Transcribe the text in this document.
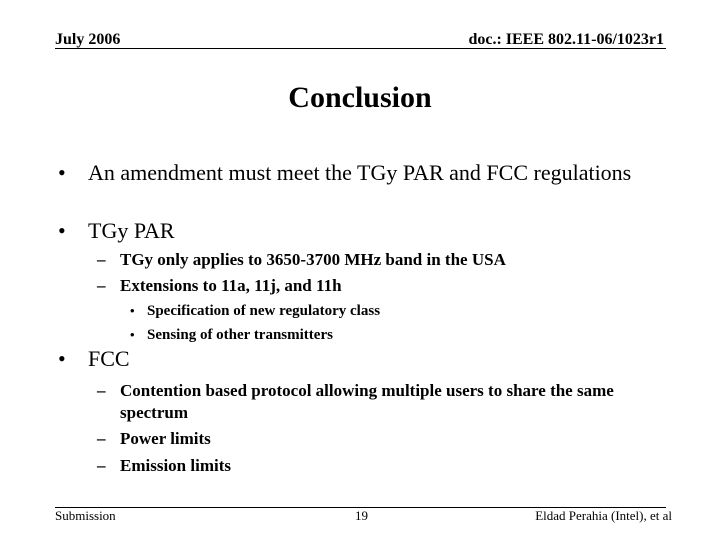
July 2006	doc.: IEEE 802.11-06/1023r1
Conclusion
• An amendment must meet the TGy PAR and FCC regulations
• TGy PAR
– TGy only applies to 3650-3700 MHz band in the USA
– Extensions to 11a, 11j, and 11h
• Specification of new regulatory class
• Sensing of other transmitters
• FCC
– Contention based protocol allowing multiple users to share the same spectrum
– Power limits
– Emission limits
Submission	19	Eldad Perahia (Intel), et al
